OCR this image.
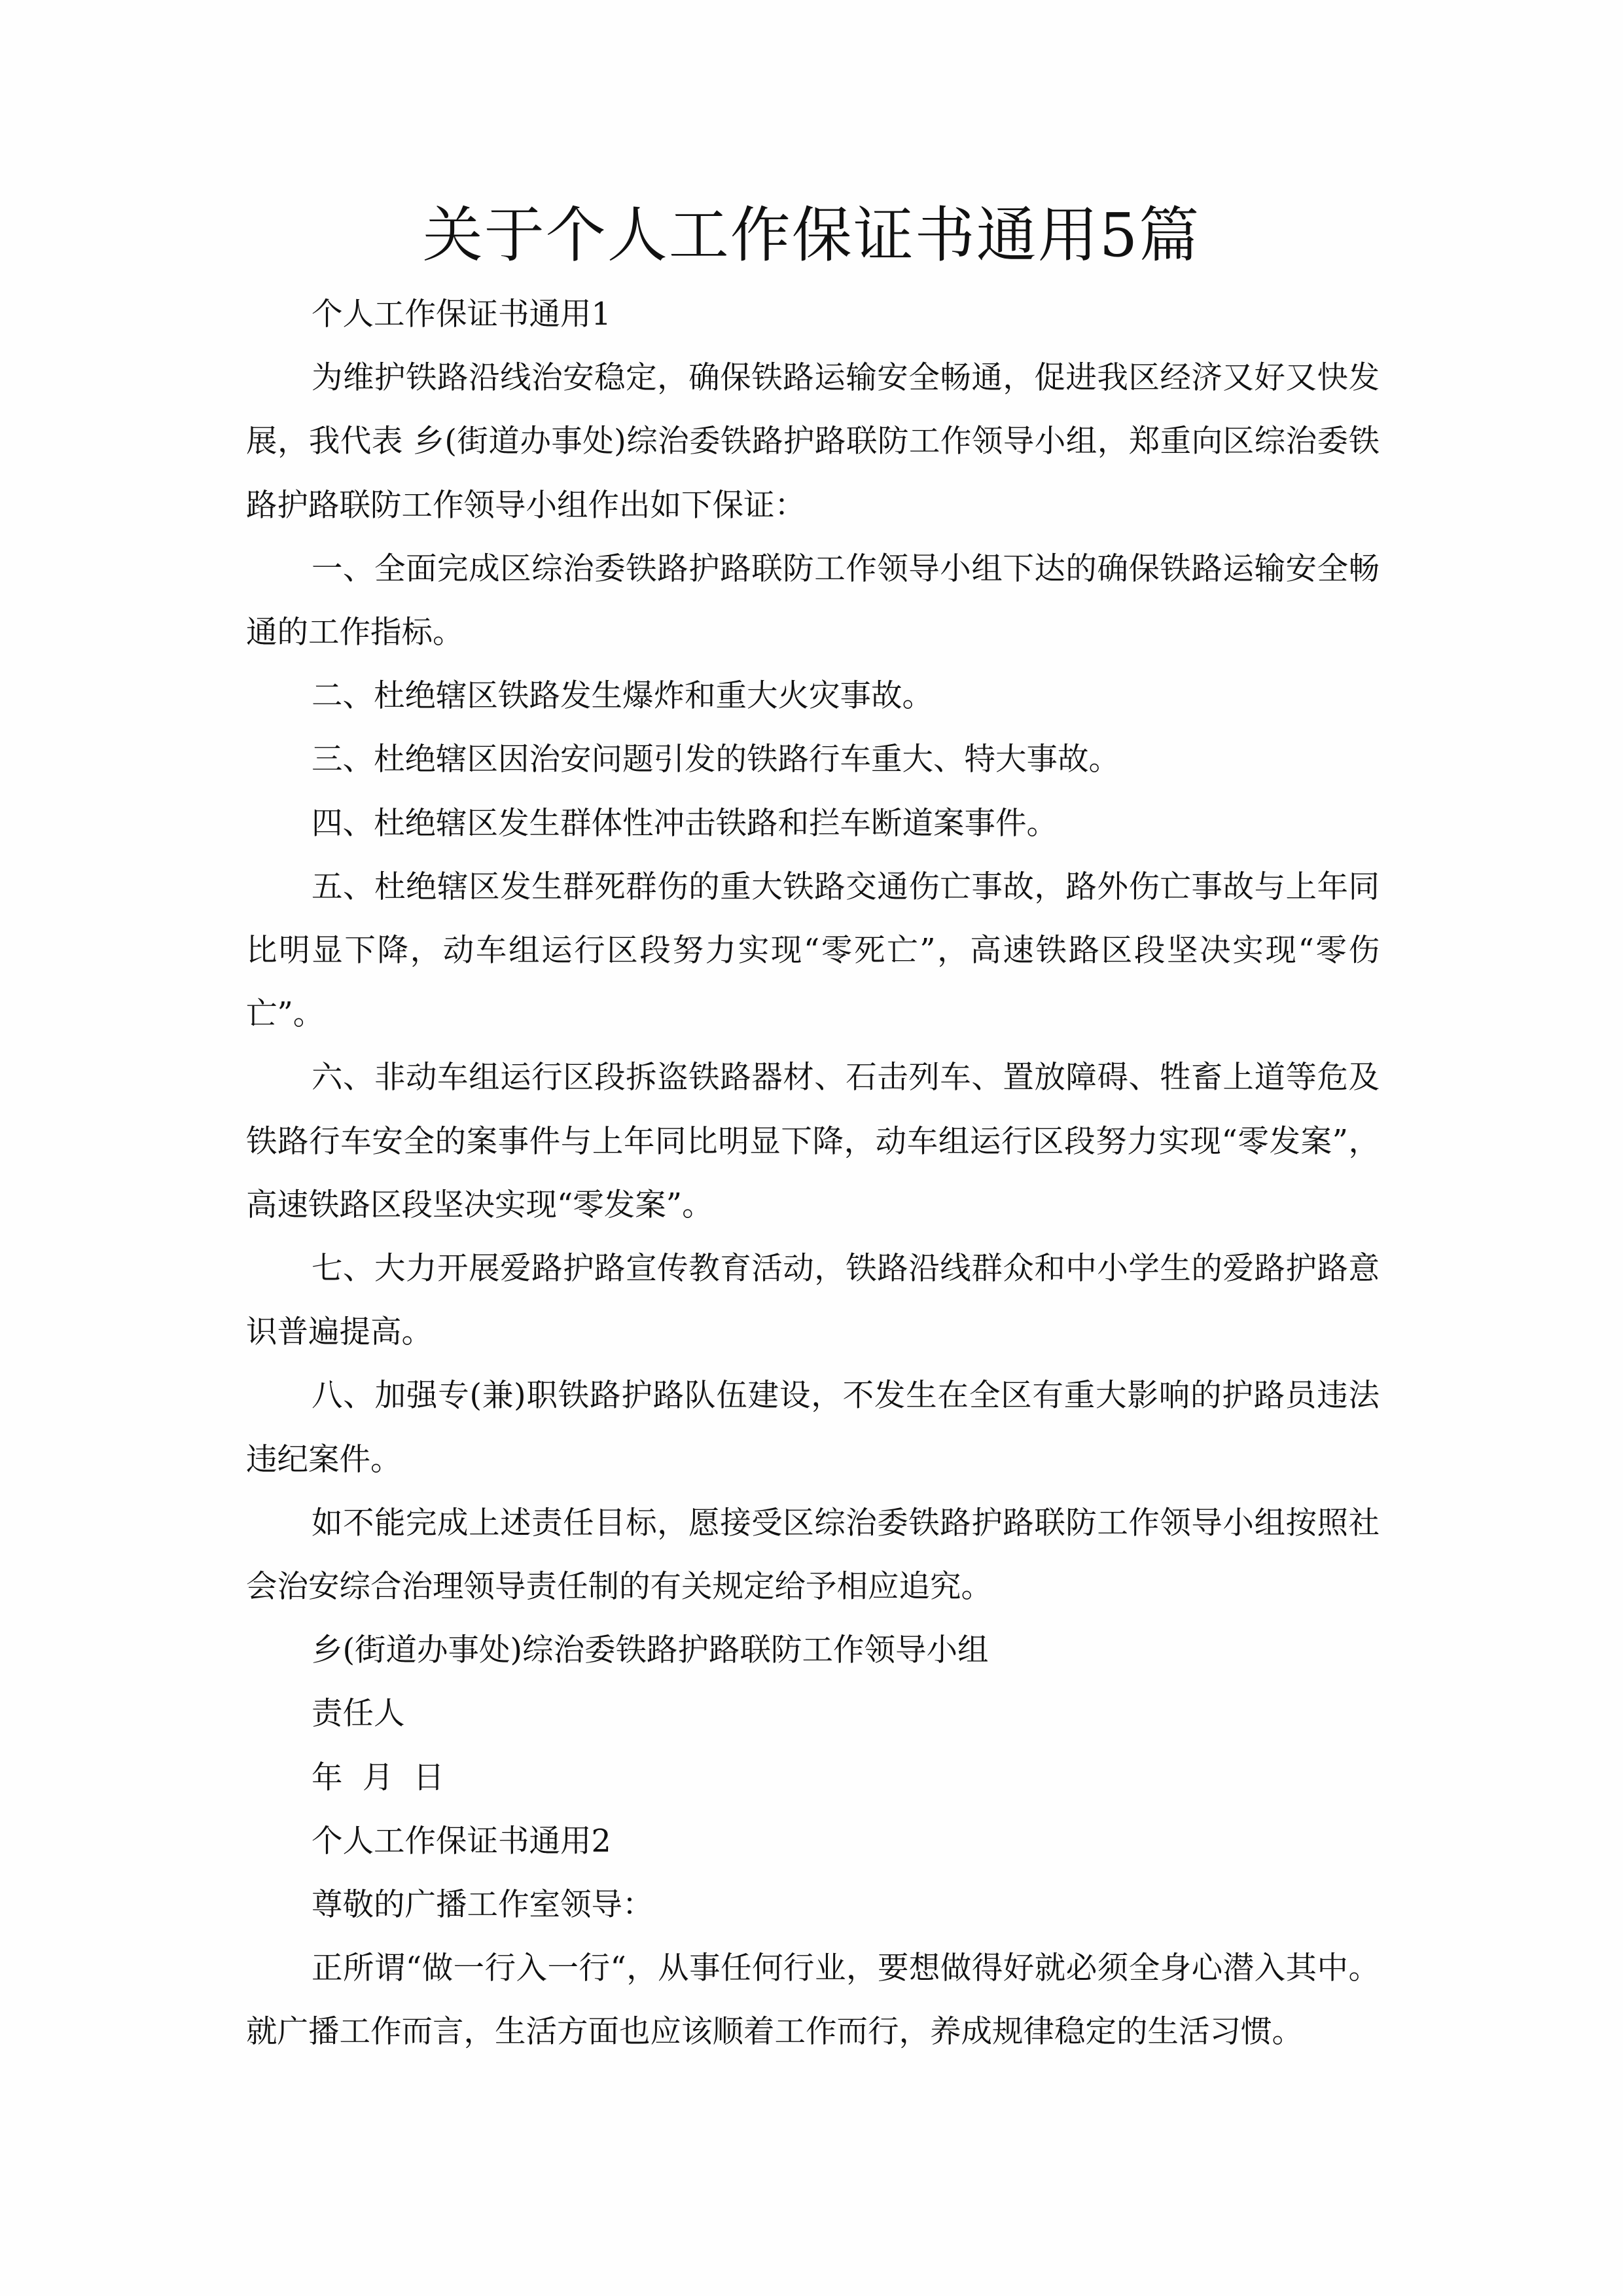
关于个人工作保证书通用5篇

个人工作保证书通用1

为维护铁路沿线治安稳定，确保铁路运输安全畅通，促进我区经济又好又快发展，我代表 乡(街道办事处)综治委铁路护路联防工作领导小组，郑重向区综治委铁路护路联防工作领导小组作出如下保证：

一、全面完成区综治委铁路护路联防工作领导小组下达的确保铁路运输安全畅通的工作指标。

二、杜绝辖区铁路发生爆炸和重大火灾事故。

三、杜绝辖区因治安问题引发的铁路行车重大、特大事故。

四、杜绝辖区发生群体性冲击铁路和拦车断道案事件。

五、杜绝辖区发生群死群伤的重大铁路交通伤亡事故，路外伤亡事故与上年同比明显下降，动车组运行区段努力实现“零死亡”，高速铁路区段坚决实现“零伤亡”。

六、非动车组运行区段拆盗铁路器材、石击列车、置放障碍、牲畜上道等危及铁路行车安全的案事件与上年同比明显下降，动车组运行区段努力实现“零发案”，高速铁路区段坚决实现“零发案”。

七、大力开展爱路护路宣传教育活动，铁路沿线群众和中小学生的爱路护路意识普遍提高。

八、加强专(兼)职铁路护路队伍建设，不发生在全区有重大影响的护路员违法违纪案件。

如不能完成上述责任目标，愿接受区综治委铁路护路联防工作领导小组按照社会治安综合治理领导责任制的有关规定给予相应追究。

乡(街道办事处)综治委铁路护路联防工作领导小组

责任人

年  月  日

个人工作保证书通用2

尊敬的广播工作室领导：

正所谓“做一行入一行“，从事任何行业，要想做得好就必须全身心潜入其中。就广播工作而言，生活方面也应该顺着工作而行，养成规律稳定的生活习惯。
